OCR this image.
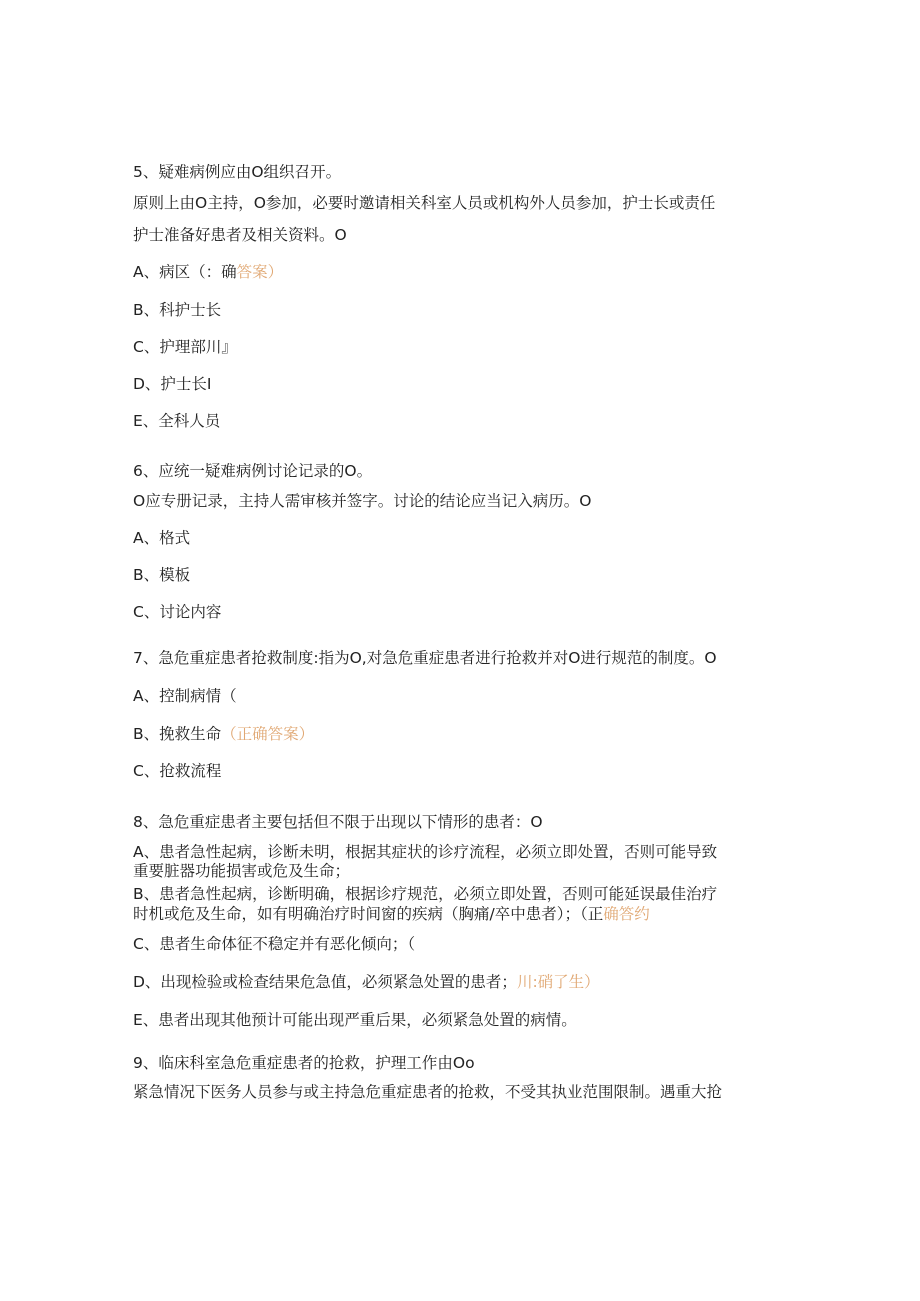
5、疑难病例应由O组织召开。
原则上由O主持，O参加，必要时邀请相关科室人员或机构外人员参加，护士长或责任
护士准备好患者及相关资料。O
A、病区（：确答案）
B、科护士长
C、护理部川』
D、护士长I
E、全科人员
6、应统一疑难病例讨论记录的O。
O应专册记录，主持人需审核并签字。讨论的结论应当记入病历。O
A、格式
B、模板
C、讨论内容
7、急危重症患者抢救制度:指为O,对急危重症患者进行抢救并对O进行规范的制度。O
A、控制病情（
B、挽救生命（正确答案）
C、抢救流程
8、急危重症患者主要包括但不限于出现以下情形的患者：O
A、患者急性起病，诊断未明，根据其症状的诊疗流程，必须立即处置，否则可能导致
重要脏器功能损害或危及生命；
B、患者急性起病，诊断明确，根据诊疗规范，必须立即处置，否则可能延误最佳治疗
时机或危及生命，如有明确治疗时间窗的疾病（胸痛/卒中患者）；（正确答约
C、患者生命体征不稳定并有恶化倾向；（
D、出现检验或检查结果危急值，必须紧急处置的患者；川:硝了生）
E、患者出现其他预计可能出现严重后果，必须紧急处置的病情。
9、临床科室急危重症患者的抢救，护理工作由Oo
紧急情况下医务人员参与或主持急危重症患者的抢救，不受其执业范围限制。遇重大抢
